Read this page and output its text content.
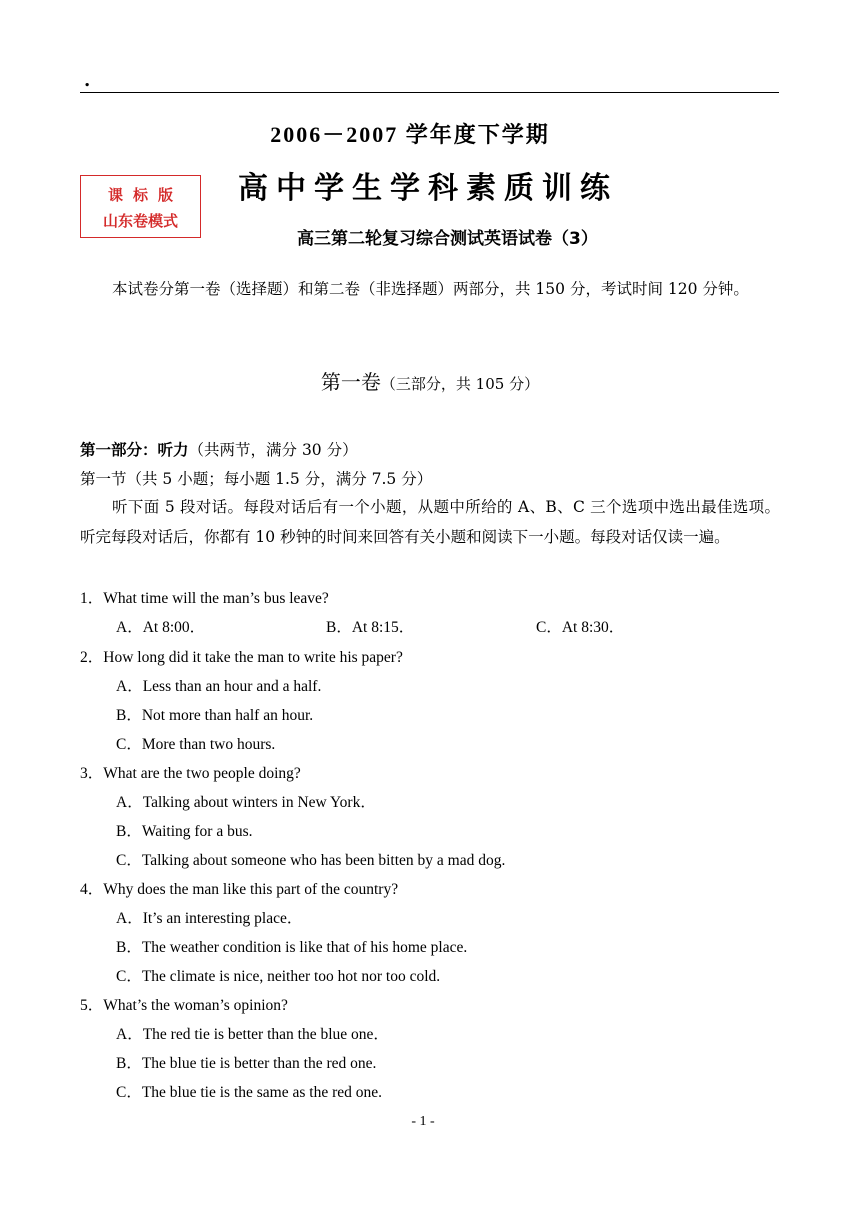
.
2006－2007 学年度下学期
高中学生学科素质训练
课标版
山东卷模式
高三第二轮复习综合测试英语试卷（3）
本试卷分第一卷（选择题）和第二卷（非选择题）两部分，共 150 分，考试时间 120 分钟。
第一卷（三部分，共 105 分）
第一部分：听力（共两节，满分 30 分）
第一节（共 5 小题；每小题 1.5 分，满分 7.5 分）
听下面 5 段对话。每段对话后有一个小题，从题中所给的 A、B、C 三个选项中选出最佳选项。听完每段对话后，你都有 10 秒钟的时间来回答有关小题和阅读下一小题。每段对话仅读一遍。
1．What time will the man’s bus leave?
A．At 8:00．	B．At 8:15．	C．At 8:30．
2．How long did it take the man to write his paper?
A．Less than an hour and a half.
B．Not more than half an hour.
C．More than two hours.
3．What are the two people doing?
A．Talking about winters in New York．
B．Waiting for a bus.
C．Talking about someone who has been bitten by a mad dog.
4．Why does the man like this part of the country?
A．It’s an interesting place．
B．The weather condition is like that of his home place.
C．The climate is nice, neither too hot nor too cold.
5．What’s the woman’s opinion?
A．The red tie is better than the blue one．
B．The blue tie is better than the red one.
C．The blue tie is the same as the red one.
- 1 -
